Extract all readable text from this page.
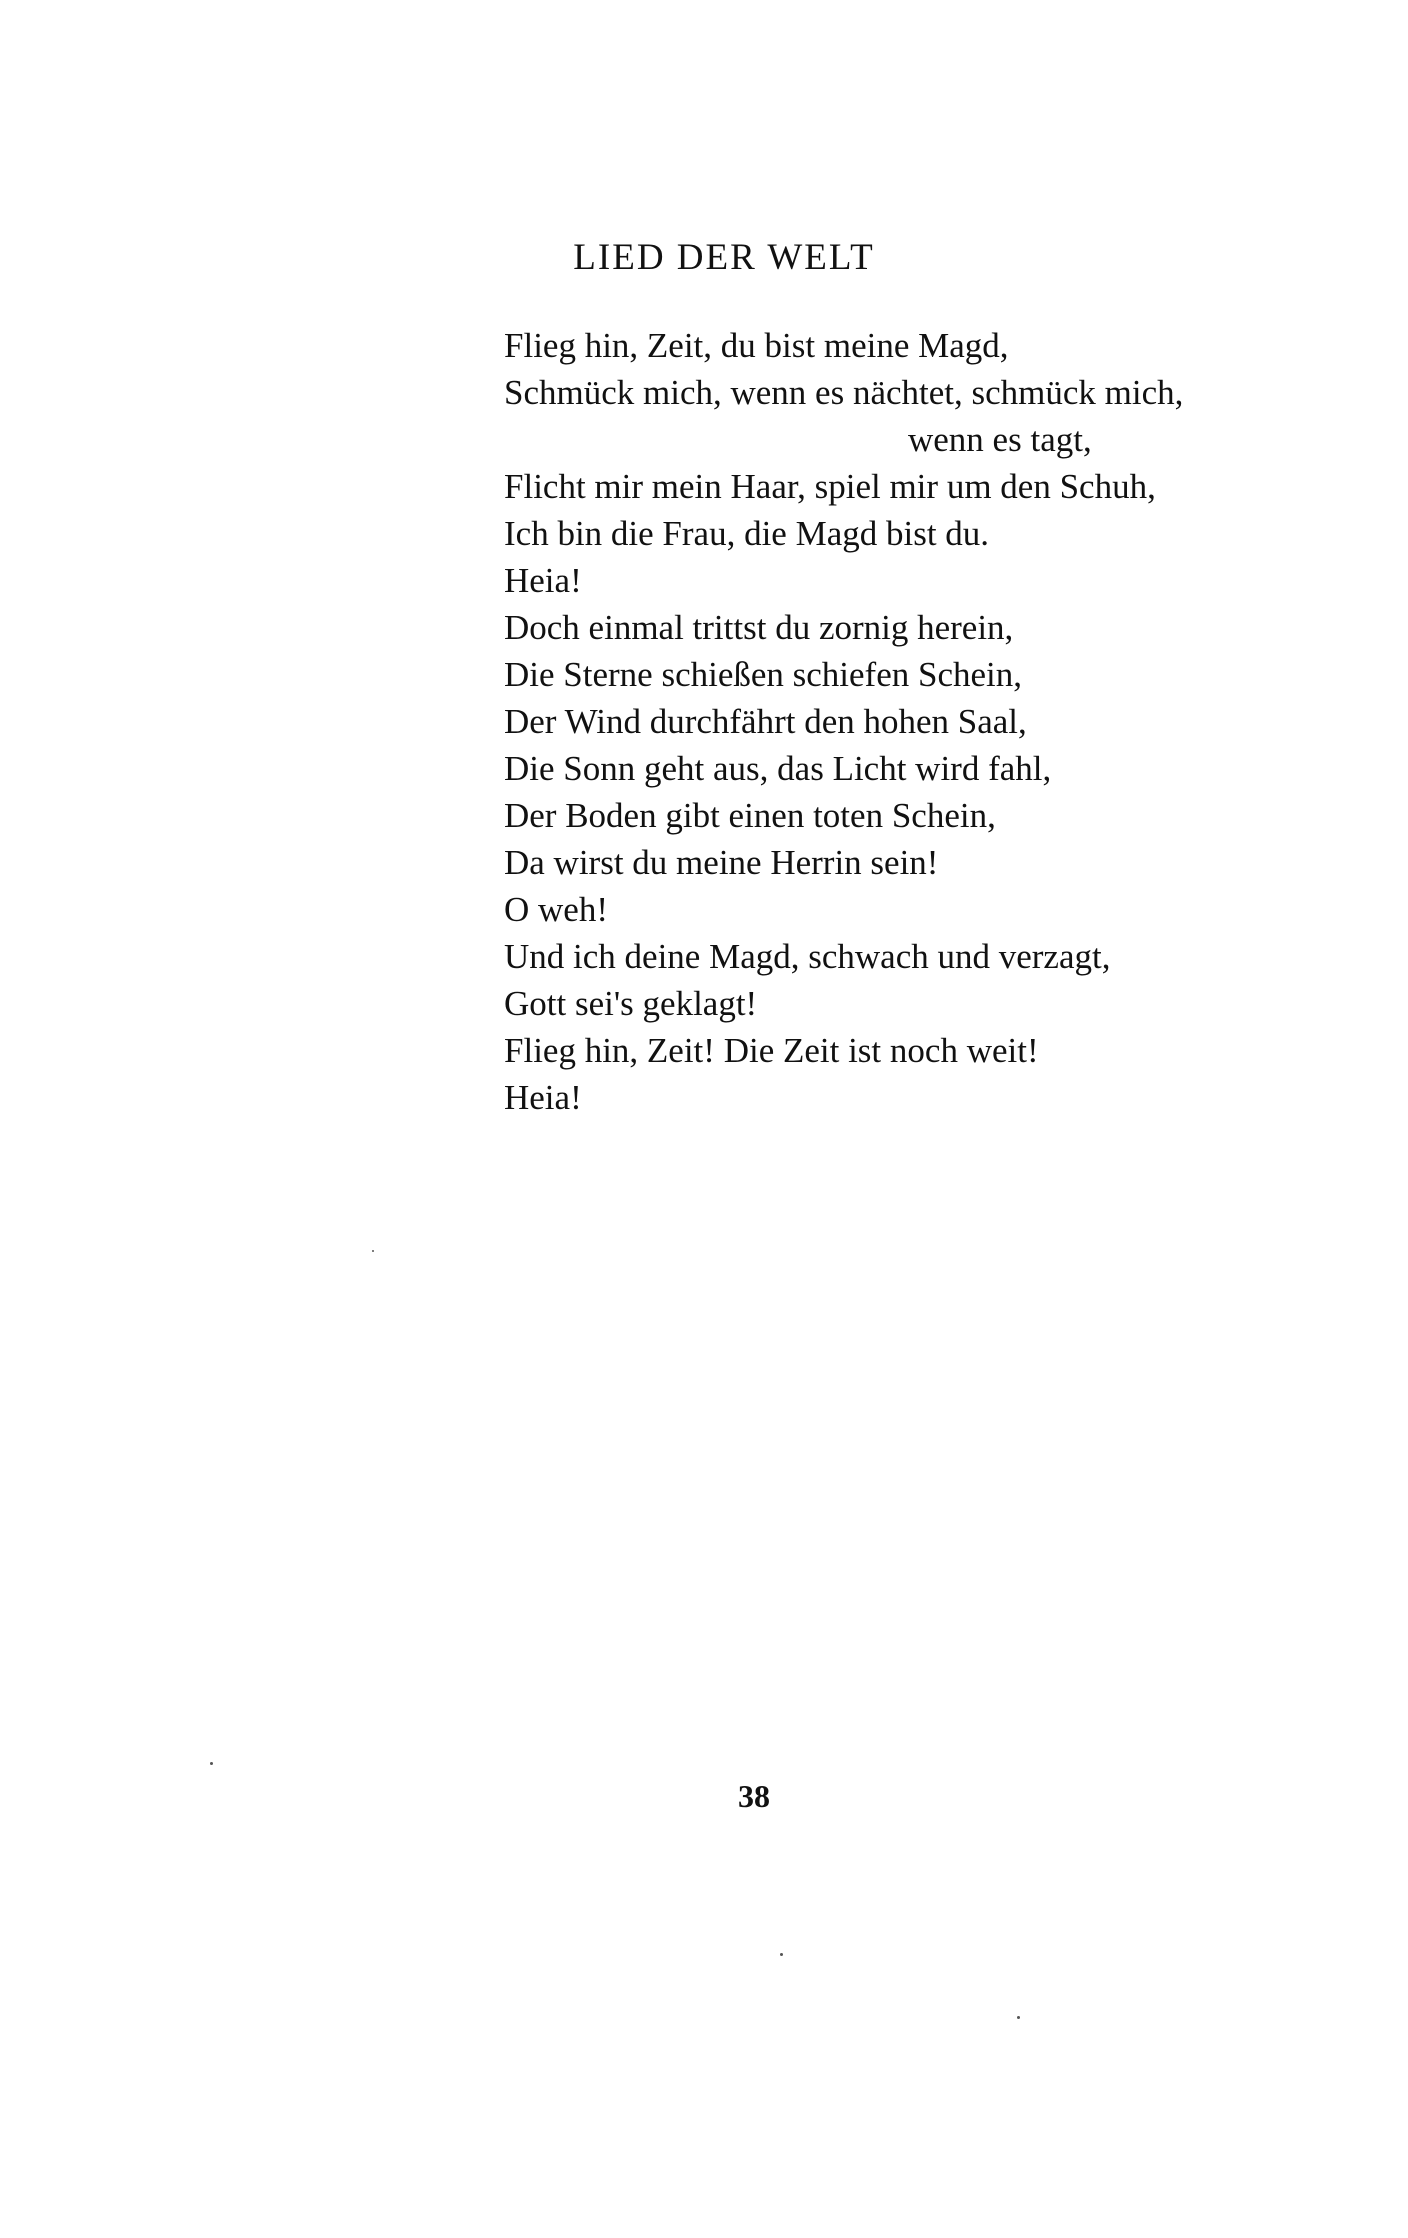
LIED DER WELT
Flieg hin, Zeit, du bist meine Magd,
Schmück mich, wenn es nächtet, schmück mich,
wenn es tagt,
Flicht mir mein Haar, spiel mir um den Schuh,
Ich bin die Frau, die Magd bist du.
Heia!
Doch einmal trittst du zornig herein,
Die Sterne schießen schiefen Schein,
Der Wind durchfährt den hohen Saal,
Die Sonn geht aus, das Licht wird fahl,
Der Boden gibt einen toten Schein,
Da wirst du meine Herrin sein!
O weh!
Und ich deine Magd, schwach und verzagt,
Gott sei's geklagt!
Flieg hin, Zeit! Die Zeit ist noch weit!
Heia!
38
